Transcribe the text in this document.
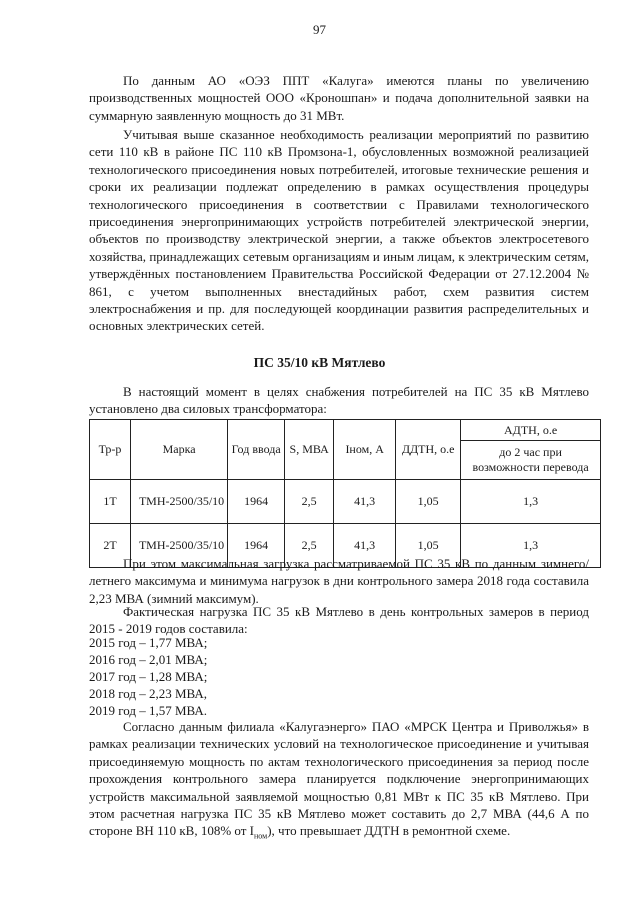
97

По данным АО «ОЭЗ ППТ «Калуга» имеются планы по увеличению производственных мощностей ООО «Кроношпан» и подача дополнительной заявки на суммарную заявленную мощность до 31 МВт.

Учитывая выше сказанное необходимость реализации мероприятий по развитию сети 110 кВ в районе ПС 110 кВ Промзона-1, обусловленных возможной реализацией технологического присоединения новых потребителей, итоговые технические решения и сроки их реализации подлежат определению в рамках осуществления процедуры технологического присоединения в соответствии с Правилами технологического присоединения энергопринимающих устройств потребителей электрической энергии, объектов по производству электрической энергии, а также объектов электросетевого хозяйства, принадлежащих сетевым организациям и иным лицам, к электрическим сетям, утверждённых постановлением Правительства Российской Федерации от 27.12.2004 № 861, с учетом выполненных внестадийных работ, схем развития систем электроснабжения и пр. для последующей координации развития распределительных и основных электрических сетей.

ПС 35/10 кВ Мятлево

В настоящий момент в целях снабжения потребителей на ПС 35 кВ Мятлево установлено два силовых трансформатора:

Тр-р	Марка	Год ввода	S, МВА	Iном, А	ДДТН, о.е	АДТН, о.е
						до 2 час при возможности перевода
1Т	ТМН-2500/35/10	1964	2,5	41,3	1,05	1,3
2Т	ТМН-2500/35/10	1964	2,5	41,3	1,05	1,3

При этом максимальная загрузка рассматриваемой ПС 35 кВ по данным зимнего/летнего максимума и минимума нагрузок в дни контрольного замера 2018 года составила 2,23 МВА (зимний максимум).

Фактическая нагрузка ПС 35 кВ Мятлево в день контрольных замеров в период 2015 - 2019 годов составила:

2015 год – 1,77 МВА;
2016 год – 2,01 МВА;
2017 год – 1,28 МВА;
2018 год – 2,23 МВА,
2019 год – 1,57 МВА.

Согласно данным филиала «Калугаэнерго» ПАО «МРСК Центра и Приволжья» в рамках реализации технических условий на технологическое присоединение и учитывая присоединяемую мощность по актам технологического присоединения за период после прохождения контрольного замера планируется подключение энергопринимающих устройств максимальной заявляемой мощностью 0,81 МВт к ПС 35 кВ Мятлево. При этом расчетная нагрузка ПС 35 кВ Мятлево может составить до 2,7 МВА (44,6 А по стороне ВН 110 кВ, 108% от $I_{ном}$), что превышает ДДТН в ремонтной схеме.
